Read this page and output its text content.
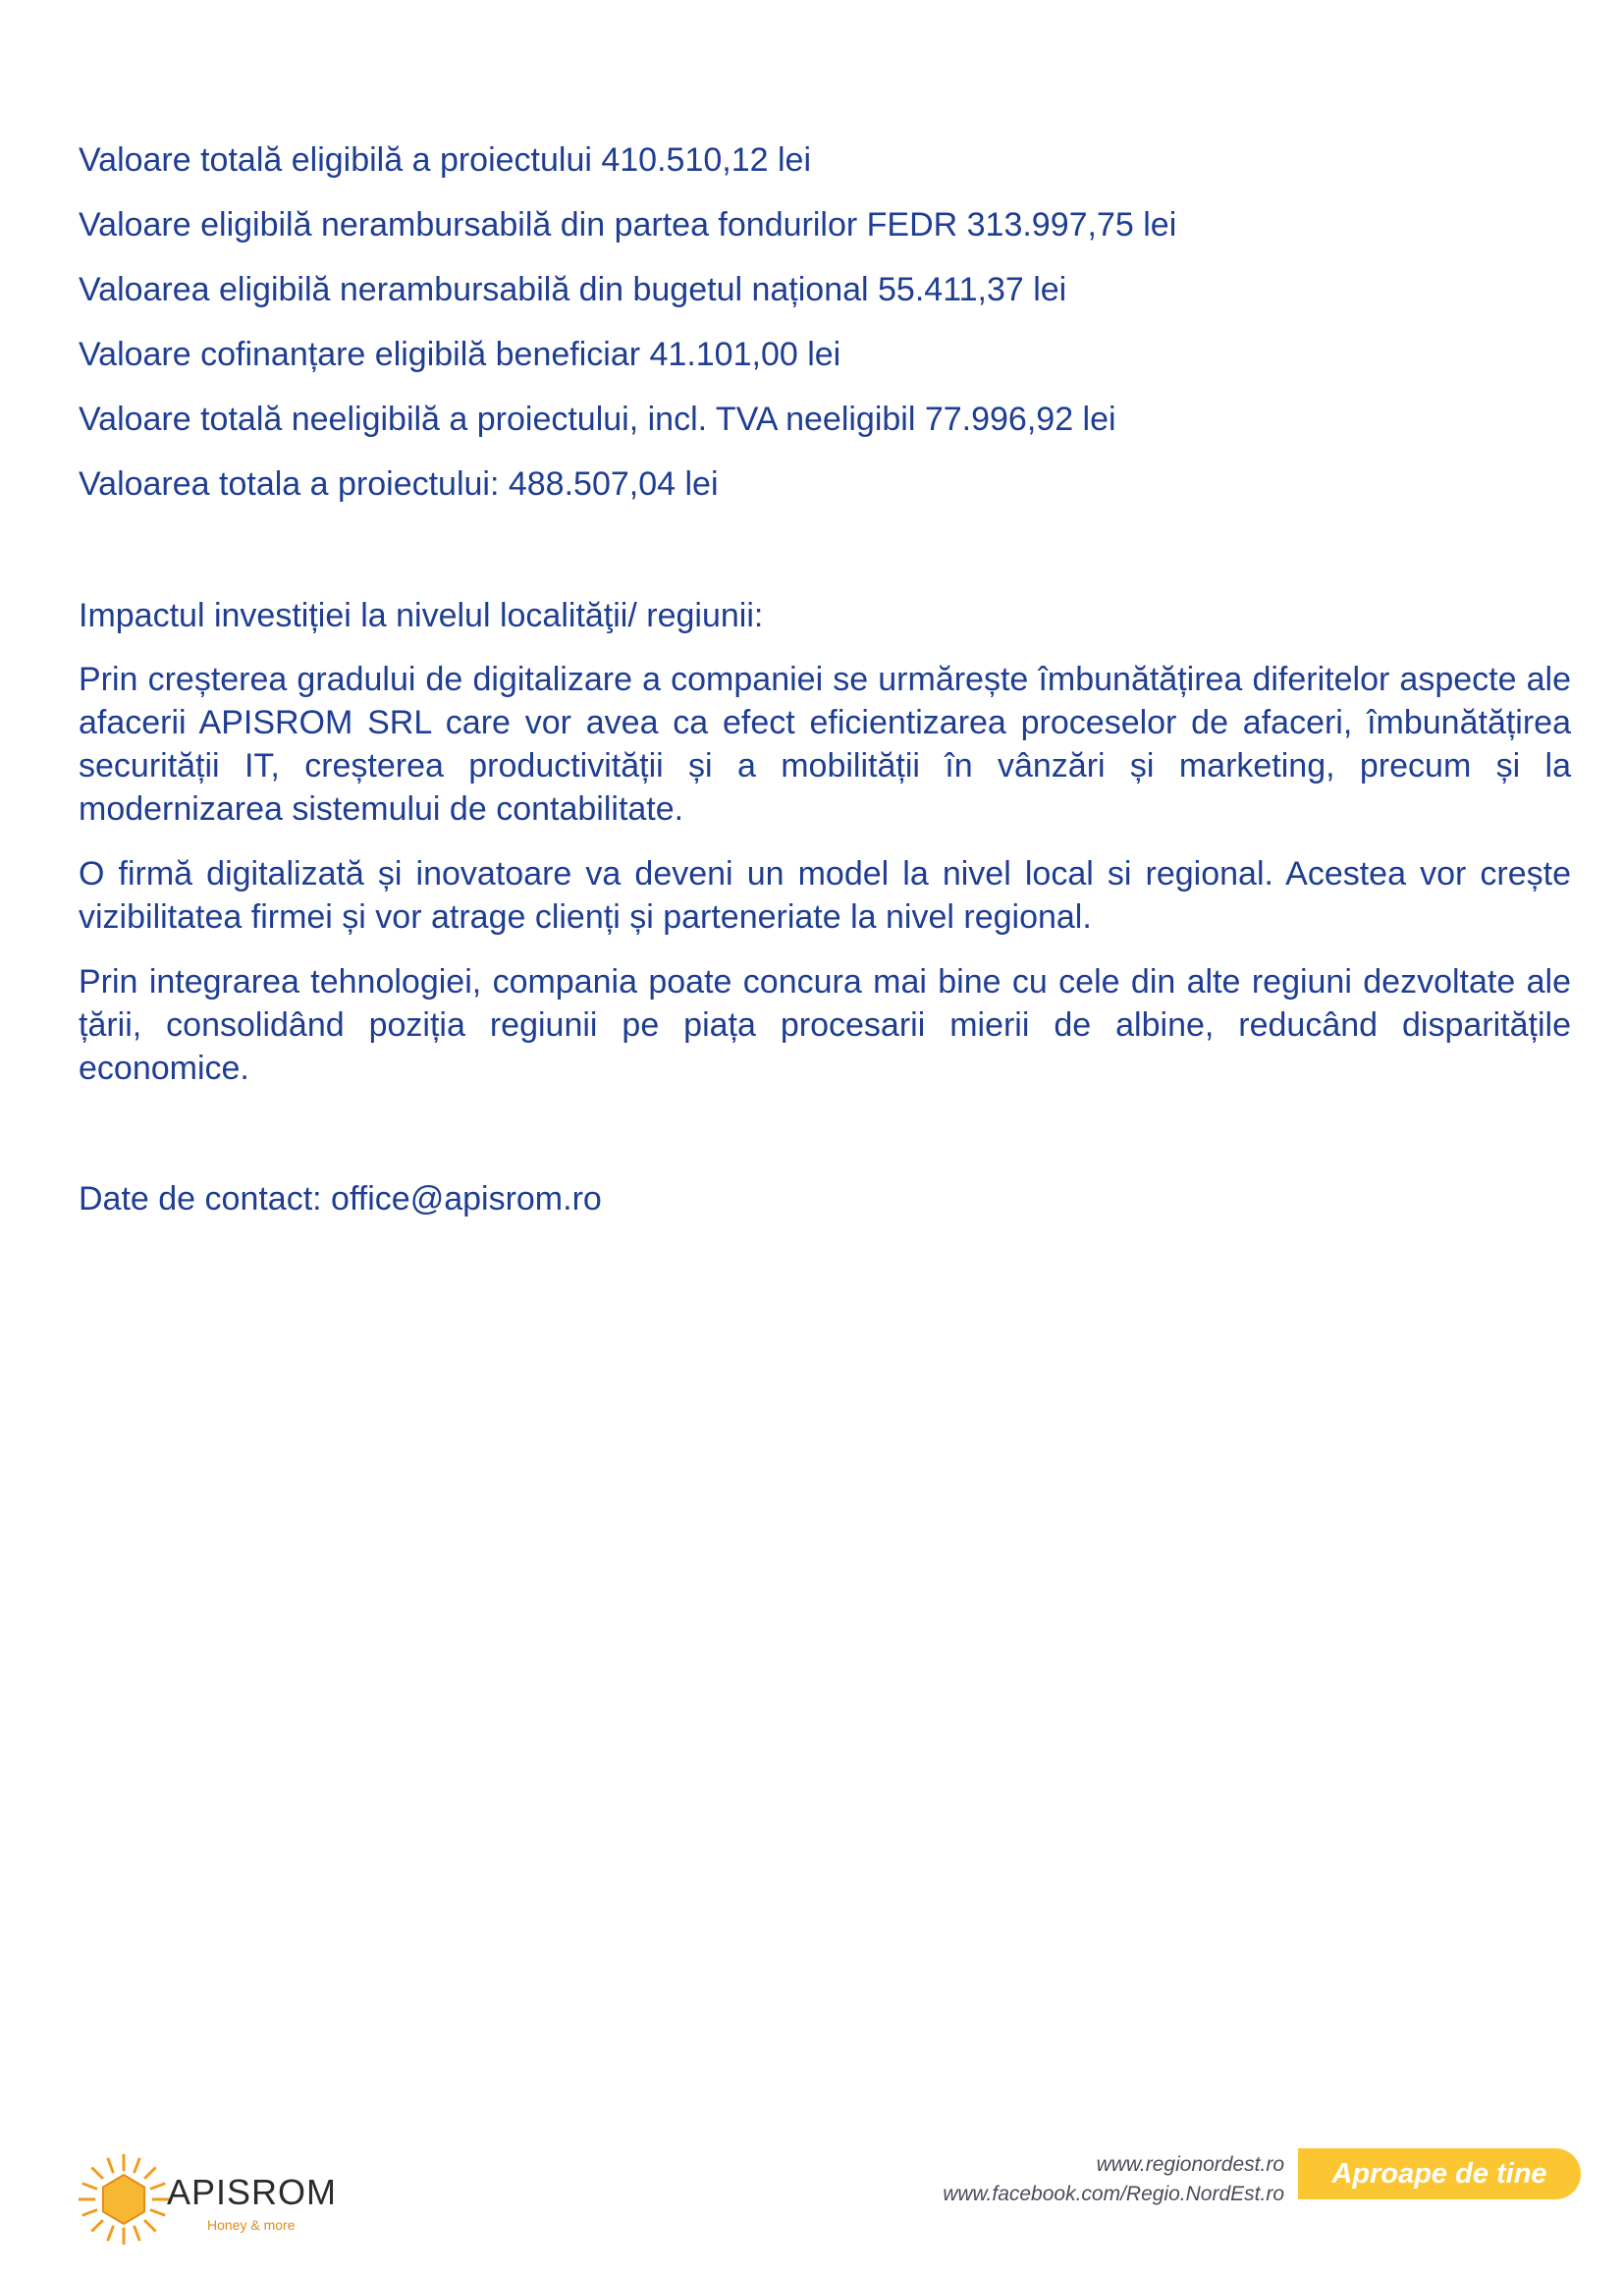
Valoare totală eligibilă a proiectului 410.510,12 lei
Valoare eligibilă nerambursabilă din partea fondurilor FEDR 313.997,75 lei
Valoarea eligibilă nerambursabilă din bugetul național 55.411,37 lei
Valoare cofinanțare eligibilă beneficiar 41.101,00 lei
Valoare totală neeligibilă a proiectului, incl. TVA neeligibil 77.996,92 lei
Valoarea totala a proiectului: 488.507,04 lei
Impactul investiției la nivelul localităţii/ regiunii:

Prin creșterea gradului de digitalizare a companiei se urmărește îmbunătățirea diferitelor aspecte ale afacerii APISROM SRL care vor avea ca efect eficientizarea proceselor de afaceri, îmbunătățirea securității IT, creșterea productivității și a mobilității în vânzări și marketing, precum și la modernizarea sistemului de contabilitate.

O firmă digitalizată și inovatoare va deveni un model la nivel local si regional. Acestea vor crește vizibilitatea firmei și vor atrage clienți și parteneriate la nivel regional.

Prin integrarea tehnologiei, compania poate concura mai bine cu cele din alte regiuni dezvoltate ale țării, consolidând poziția regiunii pe piața procesarii mierii de albine, reducând disparitățile economice.

Date de contact: office@apisrom.ro
APISROM
Honey & more
www.regionordest.ro
www.facebook.com/Regio.NordEst.ro
Aproape de tine
